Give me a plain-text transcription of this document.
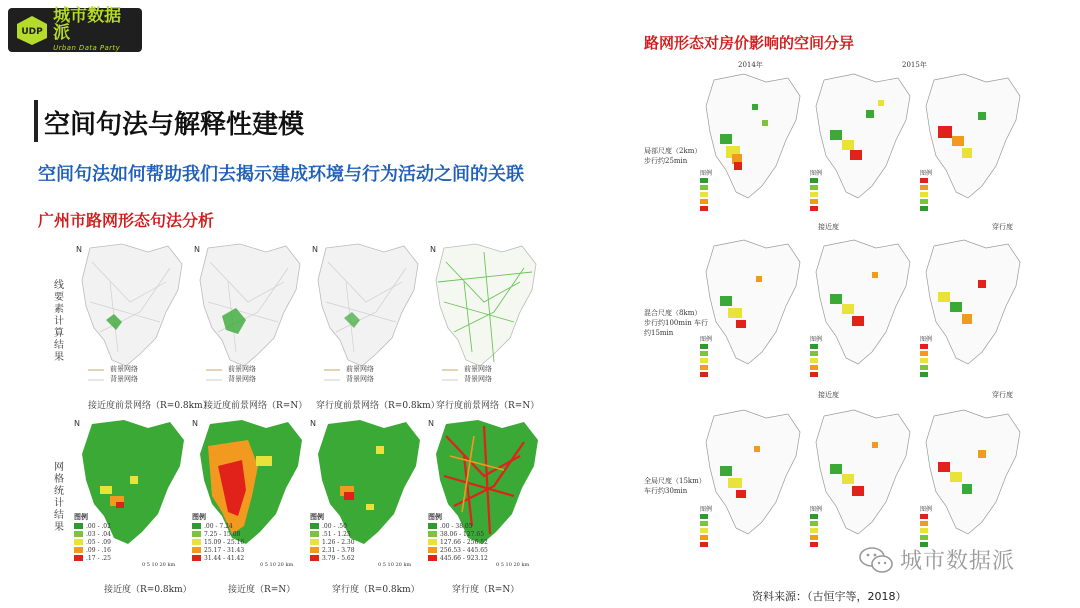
UDP
城市数据派
Urban Data Party
空间句法与解释性建模
空间句法如何帮助我们去揭示建成环境与行为活动之间的关联
广州市路网形态句法分析
线要素计算结果
网格统计结果
N
前景网络
背景网络
N
前景网络
背景网络
N
前景网络
背景网络
N
前景网络
背景网络
接近度前景网络（R=0.8km）
接近度前景网络（R=N） 穿行度前景网络（R=0.8km）
穿行度前景网络（R=N）
N
图例
.00 - .02
.03 - .04
.05 - .09
.09 - .16
.17 - .25
0 5 10 20 km
N
图例
.00 - 7.24
7.25 - 15.08
15.09 - 25.16
25.17 - 31.43
31.44 - 41.42
0 5 10 20 km
N
图例
.00 - .50
.51 - 1.25
1.26 - 2.30
2.31 - 3.78
3.79 - 5.62
0 5 10 20 km
N
图例
.00 - 38.05
38.06 - 127.65
127.66 - 256.52
256.53 - 445.65
445.66 - 923.12
0 5 10 20 km
接近度（R=0.8km）	接近度（R=N）	穿行度（R=0.8km）	穿行度（R=N）
路网形态对房价影响的空间分异
2014年	2015年
局部尺度（2km）步行约25min
混合尺度（8km）步行约100min 车行约15min
全局尺度（15km）车行约30min
图例	图例	图例
接近度	穿行度
图例	图例	图例
接近度	穿行度
图例	图例	图例
资料来源：（古恒宇等，2018）
城市数据派
